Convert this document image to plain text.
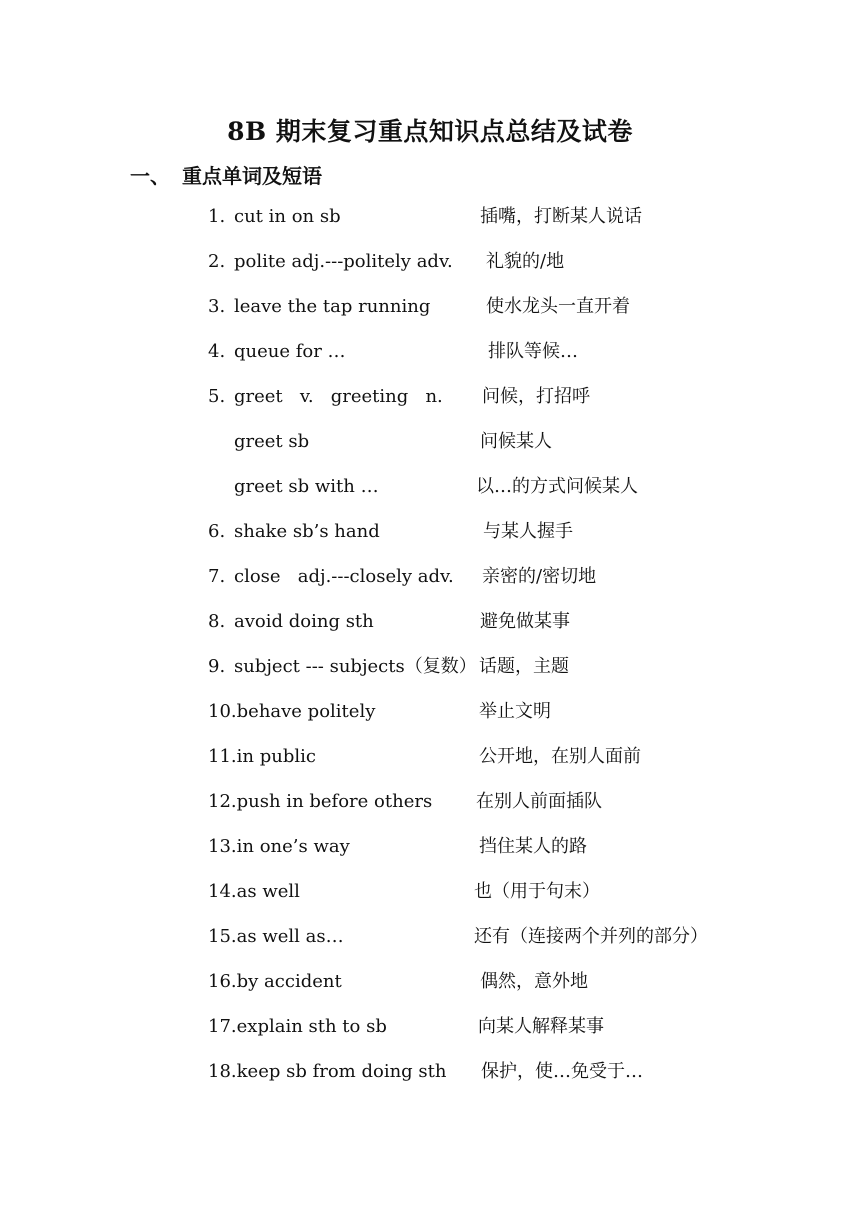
8B 期末复习重点知识点总结及试卷
一、 重点单词及短语
1. cut in on sb	插嘴，打断某人说话
2. polite adj.---politely adv. 礼貌的/地
3. leave the tap running	使水龙头一直开着
4. queue for …	排队等候…
5. greet   v.   greeting   n. 问候，打招呼
greet sb	问候某人
greet sb with …	以…的方式问候某人
6. shake sb’s hand	与某人握手
7. close   adj.---closely adv. 亲密的/密切地
8. avoid doing sth	避免做某事
9. subject --- subjects（复数） 话题，主题
10.behave politely	举止文明
11.in public	公开地，在别人面前
12.push in before others 在别人前面插队
13.in one’s way	挡住某人的路
14.as well	也（用于句末）
15.as well as…	还有（连接两个并列的部分）
16.by accident	偶然，意外地
17.explain sth to sb	向某人解释某事
18.keep sb from doing sth 保护，使…免受于…
